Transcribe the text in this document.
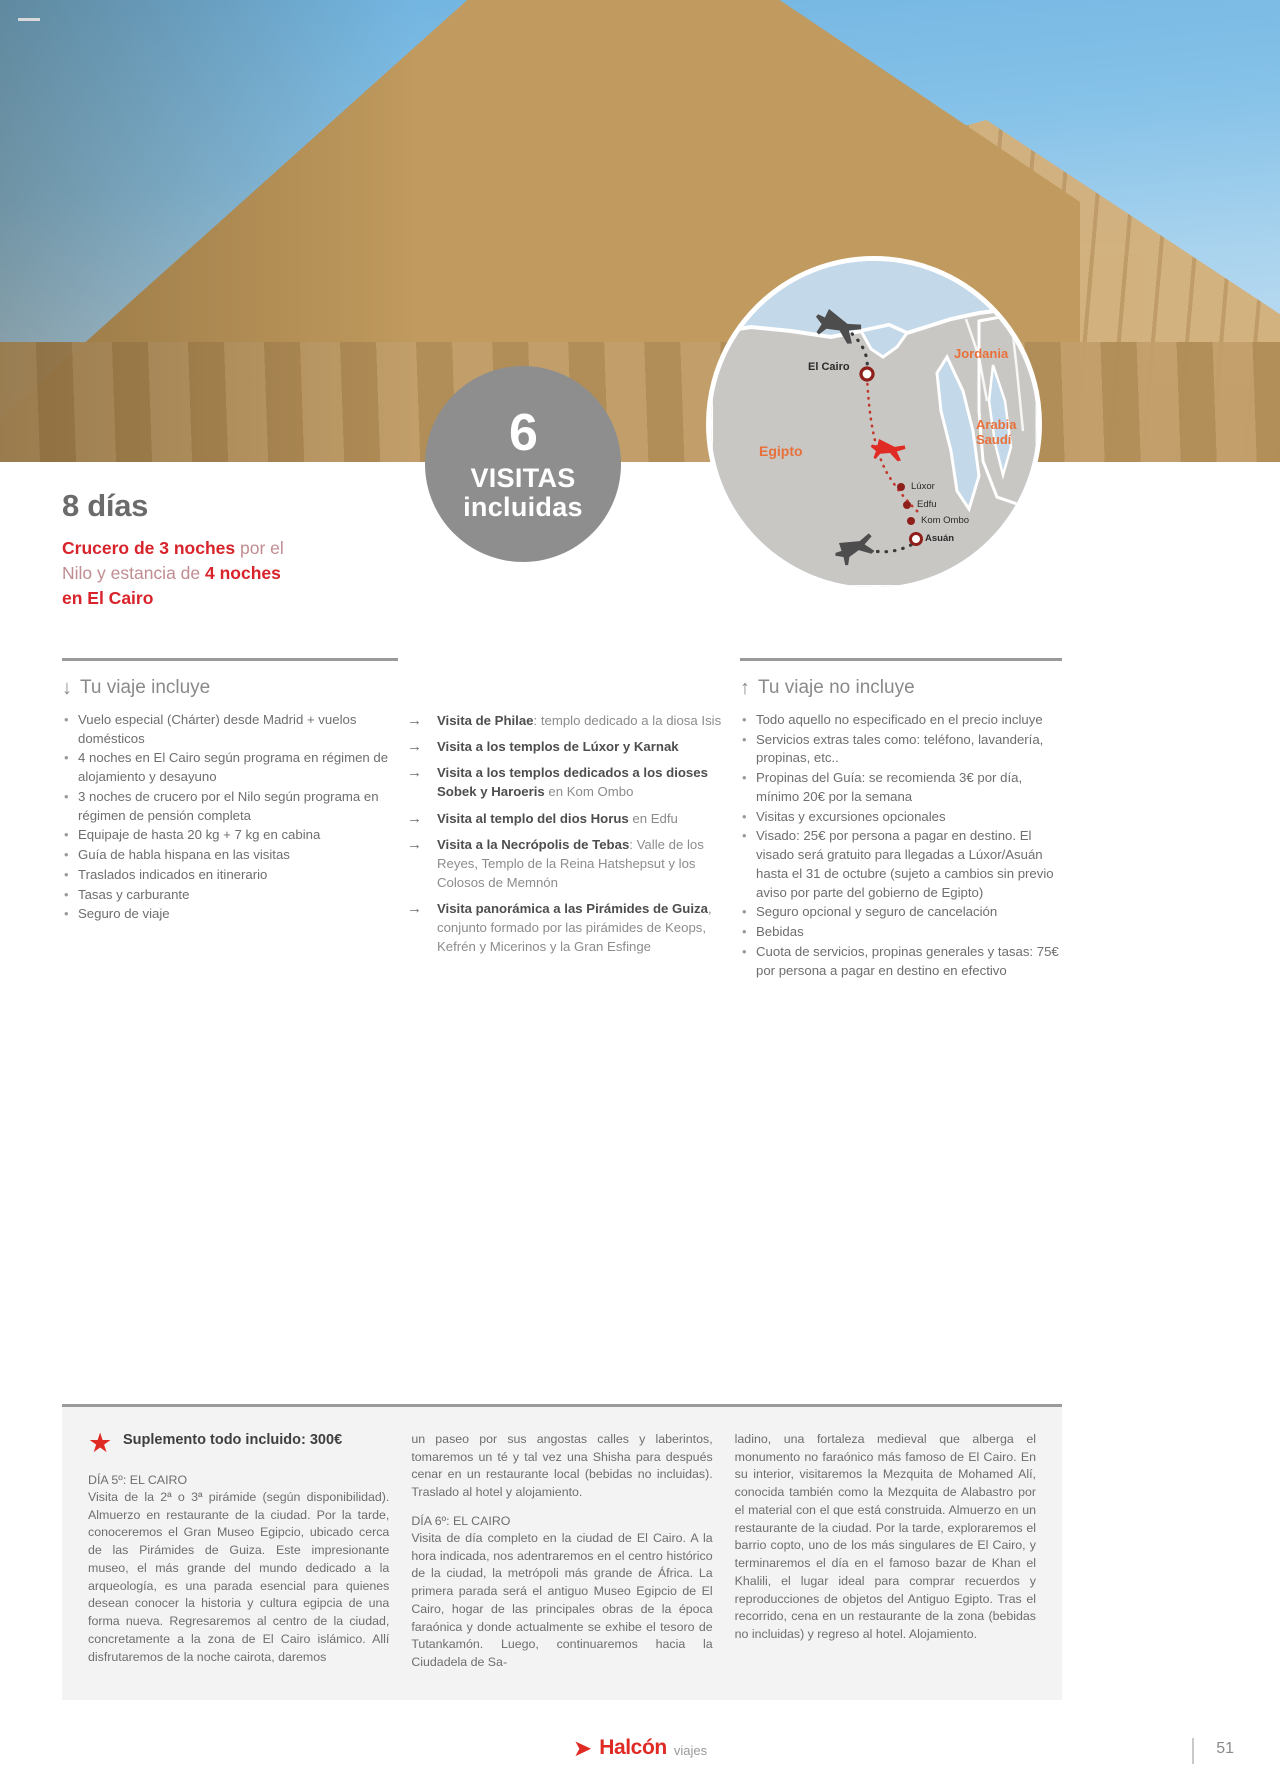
6
VISITAS
incluidas
Egipto
Jordania
Arabia
Saudí
El Cairo
Lúxor
Edfu
Kom Ombo
Asuán
8 días
Crucero de 3 noches por el
Nilo y estancia de 4 noches
en El Cairo
↓ Tu viaje incluye
• Vuelo especial (Chárter) desde Madrid + vuelos domésticos
• 4 noches en El Cairo según programa en régimen de alojamiento y desayuno
• 3 noches de crucero por el Nilo según programa en régimen de pensión completa
• Equipaje de hasta 20 kg + 7 kg en cabina
• Guía de habla hispana en las visitas
• Traslados indicados en itinerario
• Tasas y carburante
• Seguro de viaje
→ Visita de Philae: templo dedicado a la diosa Isis
→ Visita a los templos de Lúxor y Karnak
→ Visita a los templos dedicados a los dioses Sobek y Haroeris en Kom Ombo
→ Visita al templo del dios Horus en Edfu
→ Visita a la Necrópolis de Tebas: Valle de los Reyes, Templo de la Reina Hatshepsut y los Colosos de Memnón
→ Visita panorámica a las Pirámides de Guiza, conjunto formado por las pirámides de Keops, Kefrén y Micerinos y la Gran Esfinge
↑ Tu viaje no incluye
• Todo aquello no especificado en el precio incluye
• Servicios extras tales como: teléfono, lavandería, propinas, etc..
• Propinas del Guía: se recomienda 3€ por día, mínimo 20€ por la semana
• Visitas y excursiones opcionales
• Visado: 25€ por persona a pagar en destino. El visado será gratuito para llegadas a Lúxor/Asuán hasta el 31 de octubre (sujeto a cambios sin previo aviso por parte del gobierno de Egipto)
• Seguro opcional y seguro de cancelación
• Bebidas
• Cuota de servicios, propinas generales y tasas: 75€ por persona a pagar en destino en efectivo
★ Suplemento todo incluido: 300€
DÍA 5º: EL CAIRO

Visita de la 2ª o 3ª pirámide (según disponibilidad). Almuerzo en restaurante de la ciudad. Por la tarde, conoceremos el Gran Museo Egipcio, ubicado cerca de las Pirámides de Guiza. Este impresionante museo, el más grande del mundo dedicado a la arqueología, es una parada esencial para quienes desean conocer la historia y cultura egipcia de una forma nueva. Regresaremos al centro de la ciudad, concretamente a la zona de El Cairo islámico. Allí disfrutaremos de la noche cairota, daremos

un paseo por sus angostas calles y laberintos, tomaremos un té y tal vez una Shisha para después cenar en un restaurante local (bebidas no incluidas). Traslado al hotel y alojamiento.

DÍA 6º: EL CAIRO

Visita de día completo en la ciudad de El Cairo. A la hora indicada, nos adentraremos en el centro histórico de la ciudad, la metrópoli más grande de África. La primera parada será el antiguo Museo Egipcio de El Cairo, hogar de las principales obras de la época faraónica y donde actualmente se exhibe el tesoro de Tutankamón. Luego, continuaremos hacia la Ciudadela de Sa-

ladino, una fortaleza medieval que alberga el monumento no faraónico más famoso de El Cairo. En su interior, visitaremos la Mezquita de Mohamed Alí, conocida también como la Mezquita de Alabastro por el material con el que está construida. Almuerzo en un restaurante de la ciudad. Por la tarde, exploraremos el barrio copto, uno de los más singulares de El Cairo, y terminaremos el día en el famoso bazar de Khan el Khalili, el lugar ideal para comprar recuerdos y reproducciones de objetos del Antiguo Egipto. Tras el recorrido, cena en un restaurante de la zona (bebidas no incluidas) y regreso al hotel. Alojamiento.

➤ Halcón viajes	51
